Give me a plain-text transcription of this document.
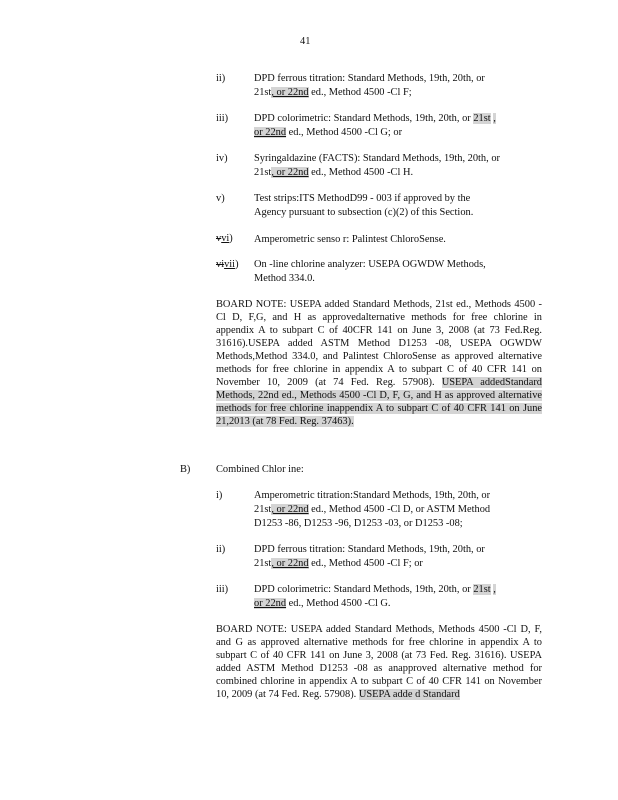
41
ii)	DPD ferrous titration: Standard Methods, 19th, 20th, or
21st, or 22nd ed., Method 4500 -Cl F;
iii) DPD colorimetric: Standard Methods, 19th, 20th, or 21st ,
or 22nd ed., Method 4500 -Cl G; or
iv)	Syringaldazine (FACTS): Standard Methods, 19th, 20th, or
21st, or 22nd ed., Method 4500 -Cl H.
v)	Test strips:ITS MethodD99 - 003 if approved by the
Agency pursuant to subsection (c)(2) of this Section.
vvi) Amperometric senso r: Palintest ChloroSense.
vivii) On -line chlorine analyzer: USEPA OGWDW Methods,
Method 334.0.
BOARD NOTE: USEPA added Standard Methods, 21st ed., Methods 4500 -Cl D, F,G, and H as approvedalternative methods for free chlorine in appendix A to subpart C of 40CFR 141 on June 3, 2008 (at 73 Fed.Reg. 31616).USEPA added ASTM Method D1253 -08, USEPA OGWDW Methods,Method 334.0, and Palintest ChloroSense as approved alternative methods for free chlorine in appendix A to subpart C of 40 CFR 141 on November 10, 2009 (at 74 Fed. Reg. 57908). USEPA addedStandard Methods, 22nd ed., Methods 4500 -Cl D, F, G, and H as approved alternative methods for free chlorine inappendix A to subpart C of 40 CFR 141 on June 21,2013 (at 78 Fed. Reg. 37463).
B) Combined Chlor ine:
i)	Amperometric titration:Standard Methods, 19th, 20th, or
21st, or 22nd ed., Method 4500 -Cl D, or ASTM Method
D1253 -86, D1253 -96, D1253 -03, or D1253 -08;
ii)	DPD ferrous titration: Standard Methods, 19th, 20th, or
21st, or 22nd ed., Method 4500 -Cl F; or
iii) DPD colorimetric: Standard Methods, 19th, 20th, or 21st ,
or 22nd ed., Method 4500 -Cl G.
BOARD NOTE: USEPA added Standard Methods, Methods 4500 -Cl D, F, and G as approved alternative methods for free chlorine in appendix A to subpart C of 40 CFR 141 on June 3, 2008 (at 73 Fed. Reg. 31616). USEPA added ASTM Method D1253 -08 as anapproved alternative method for combined chlorine in appendix A to subpart C of 40 CFR 141 on November 10, 2009 (at 74 Fed. Reg. 57908). USEPA adde d Standard
